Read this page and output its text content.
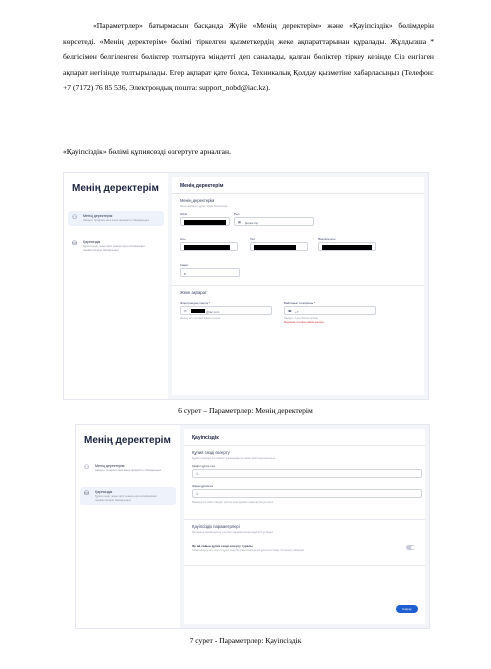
«Параметрлер» батырмасын басқанда Жүйе «Менің деректерім» және «Қауіпсіздік» бөлімдерін көрсетеді. «Менің деректерім» бөлімі тіркелген қызметкердің жеке ақпараттарынан құралады. Жұлдызша * белгісімен белгіленген бөліктер толтыруға міндетті деп саналады, қалған бөліктер тіркеу кезінде Сіз енгізген ақпарат негізінде толтырылады. Егер ақпарат қате болса, Техникалық Қолдау қызметіне хабарласыңыз (Телефон: +7 (7172) 76 85 536, Электрондық пошта: support_nobd@iac.kz).
«Қауіпсіздік» бөлімі құпиясөзді өзгертуге арналған.
Менің деректерім
⚇ Менің деректерім
Аккаунт профиль мен жеке ақпаратты басқарыңыз
⛁ Қауіпсіздік
Құпия сөзді, және кіріс сеансы аутентификация параметрлерін басқарыңыз
Менің деректерім
Менің деректерім
Жеке ақпарат құры, ЖСН басшылар
ЖСН	Рөл
▦ Директор
Аты	Тегі	Әкесінің аты
Уақыт
Б
Жеке ақпарат
Электрондық пошта *
✉	@iac.com
Жеткізу есін хаттама жіберілуі керек
Байланыс телефоны *
☎ +7
Нөмірді +7-ден бастап енгізіңіз
Медицина телефон нөмірін енгізіңіз
6 сурет – Параметрлер: Менің деректерім
Менің деректерім
⚇ Менің деректерім
Аккаунт профиль мен жеке ақпаратты басқарыңыз
⛁ Қауіпсіздік
Құпия сөзді, және кіріс сеансы аутентификация параметрлерін басқарыңыз
Қауіпсіздік
Құпия сөзді өзгерту
Құпия сөзіңізді 12 символ ұзындыққа ие және әріптерді қосыңыз
Қазіргі құпия сөз
⚿
Жаңа құпиясөз
⚿
Минимум 12 таңба. Сандар, әріптер және арнайы таңбалар болуы керек
Қауіпсіздік параметрлері
Қосымша мүмкіндіктер есептік параметрлерін қауіпсіз ұстаңыз
Әр ай сайын құпия сөзді өзгерту туралы
Хабарландыру алу, егер сіз құпия сөзді бір уақытта өзгертпей ұмытып кетсеңіз, біз ескерту жібереміз
Сақтау
7 сурет - Параметрлер: Қауіпсіздік
